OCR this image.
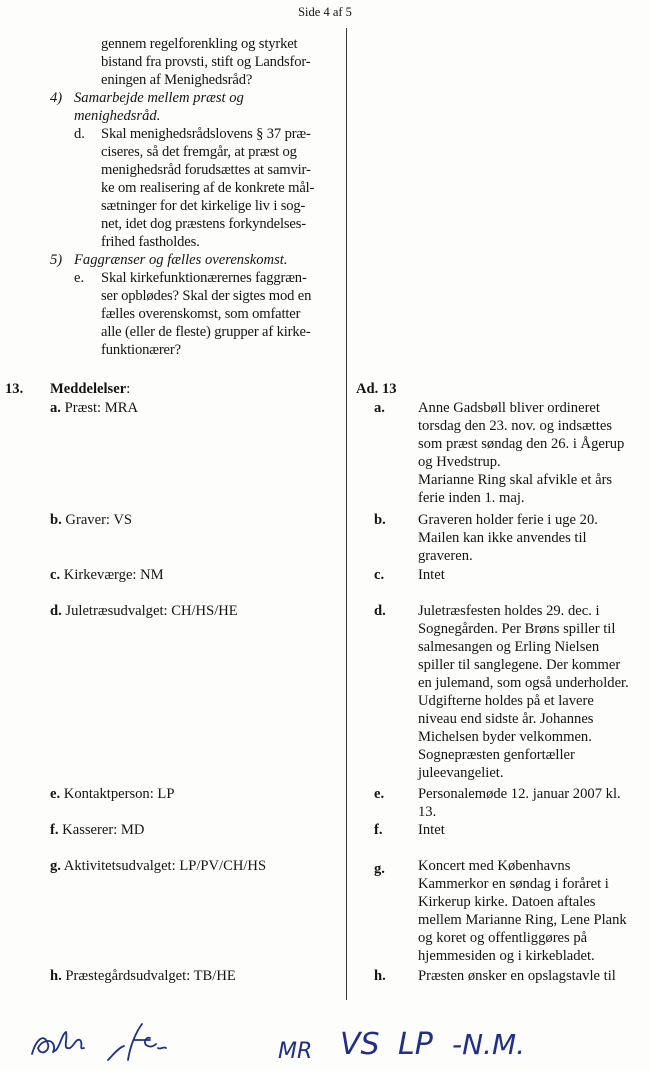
Side 4 af 5
gennem regelforenkling og styrket
bistand fra provsti, stift og Landsfor-
eningen af Menighedsråd?
4) Samarbejde mellem præst og
menighedsråd.
d. Skal menighedsrådslovens § 37 præ-
ciseres, så det fremgår, at præst og
menighedsråd forudsættes at samvir-
ke om realisering af de konkrete mål-
sætninger for det kirkelige liv i sog-
net, idet dog præstens forkyndelses-
frihed fastholdes.
5) Faggrænser og fælles overenskomst.
e. Skal kirkefunktionærernes faggræn-
ser opblødes? Skal der sigtes mod en
fælles overenskomst, som omfatter
alle (eller de fleste) grupper af kirke-
funktionærer?
13. Meddelelser:	Ad. 13
a. Præst: MRA	a. Anne Gadsbøll bliver ordineret
torsdag den 23. nov. og indsættes
som præst søndag den 26. i Ågerup
og Hvedstrup.
Marianne Ring skal afvikle et års
ferie inden 1. maj.
b. Graver: VS	b. Graveren holder ferie i uge 20.
Mailen kan ikke anvendes til
graveren.
c. Kirkeværge: NM	c. Intet
d. Juletræsudvalget: CH/HS/HE	d. Juletræsfesten holdes 29. dec. i
Sognegården. Per Brøns spiller til
salmesangen og Erling Nielsen
spiller til sanglegene. Der kommer
en julemand, som også underholder.
Udgifterne holdes på et lavere
niveau end sidste år. Johannes
Michelsen byder velkommen.
Sognepræsten genfortæller
juleevangeliet.
e. Kontaktperson: LP	e. Personalemøde 12. januar 2007 kl.
13.
f. Kasserer: MD	f. Intet
g. Aktivitetsudvalget: LP/PV/CH/HS	g. Koncert med Københavns
Kammerkor en søndag i foråret i
Kirkerup kirke. Datoen aftales
mellem Marianne Ring, Lene Plank
og koret og offentliggøres på
hjemmesiden og i kirkebladet.
h. Præstegårdsudvalget: TB/HE	h. Præsten ønsker en opslagstavle til
MR VS LP -N.M.
